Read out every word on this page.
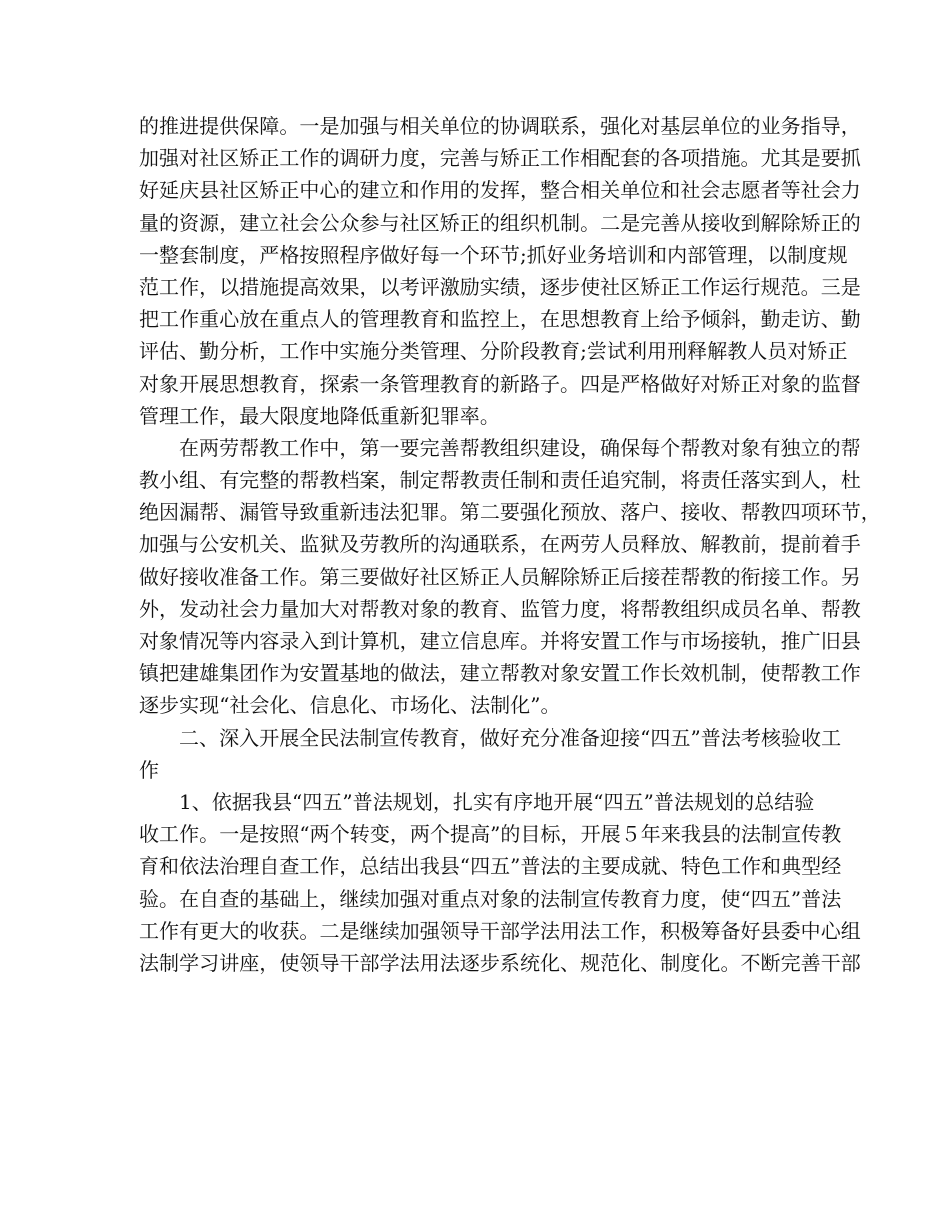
的推进提供保障。一是加强与相关单位的协调联系，强化对基层单位的业务指导，
加强对社区矫正工作的调研力度，完善与矫正工作相配套的各项措施。尤其是要抓
好延庆县社区矫正中心的建立和作用的发挥，整合相关单位和社会志愿者等社会力
量的资源，建立社会公众参与社区矫正的组织机制。二是完善从接收到解除矫正的
一整套制度，严格按照程序做好每一个环节;抓好业务培训和内部管理，以制度规
范工作，以措施提高效果，以考评激励实绩，逐步使社区矫正工作运行规范。三是
把工作重心放在重点人的管理教育和监控上，在思想教育上给予倾斜，勤走访、勤
评估、勤分析，工作中实施分类管理、分阶段教育;尝试利用刑释解教人员对矫正
对象开展思想教育，探索一条管理教育的新路子。四是严格做好对矫正对象的监督
管理工作，最大限度地降低重新犯罪率。
在两劳帮教工作中，第一要完善帮教组织建设，确保每个帮教对象有独立的帮
教小组、有完整的帮教档案，制定帮教责任制和责任追究制，将责任落实到人，杜
绝因漏帮、漏管导致重新违法犯罪。第二要强化预放、落户、接收、帮教四项环节，
加强与公安机关、监狱及劳教所的沟通联系，在两劳人员释放、解教前，提前着手
做好接收准备工作。第三要做好社区矫正人员解除矫正后接茬帮教的衔接工作。另
外，发动社会力量加大对帮教对象的教育、监管力度，将帮教组织成员名单、帮教
对象情况等内容录入到计算机，建立信息库。并将安置工作与市场接轨，推广旧县
镇把建雄集团作为安置基地的做法，建立帮教对象安置工作长效机制，使帮教工作
逐步实现“社会化、信息化、市场化、法制化”。
二、深入开展全民法制宣传教育，做好充分准备迎接“四五”普法考核验收工
作
1、依据我县“四五”普法规划，扎实有序地开展“四五”普法规划的总结验
收工作。一是按照“两个转变，两个提高”的目标，开展５年来我县的法制宣传教
育和依法治理自查工作，总结出我县“四五”普法的主要成就、特色工作和典型经
验。在自查的基础上，继续加强对重点对象的法制宣传教育力度，使“四五”普法
工作有更大的收获。二是继续加强领导干部学法用法工作，积极筹备好县委中心组
法制学习讲座，使领导干部学法用法逐步系统化、规范化、制度化。不断完善干部
